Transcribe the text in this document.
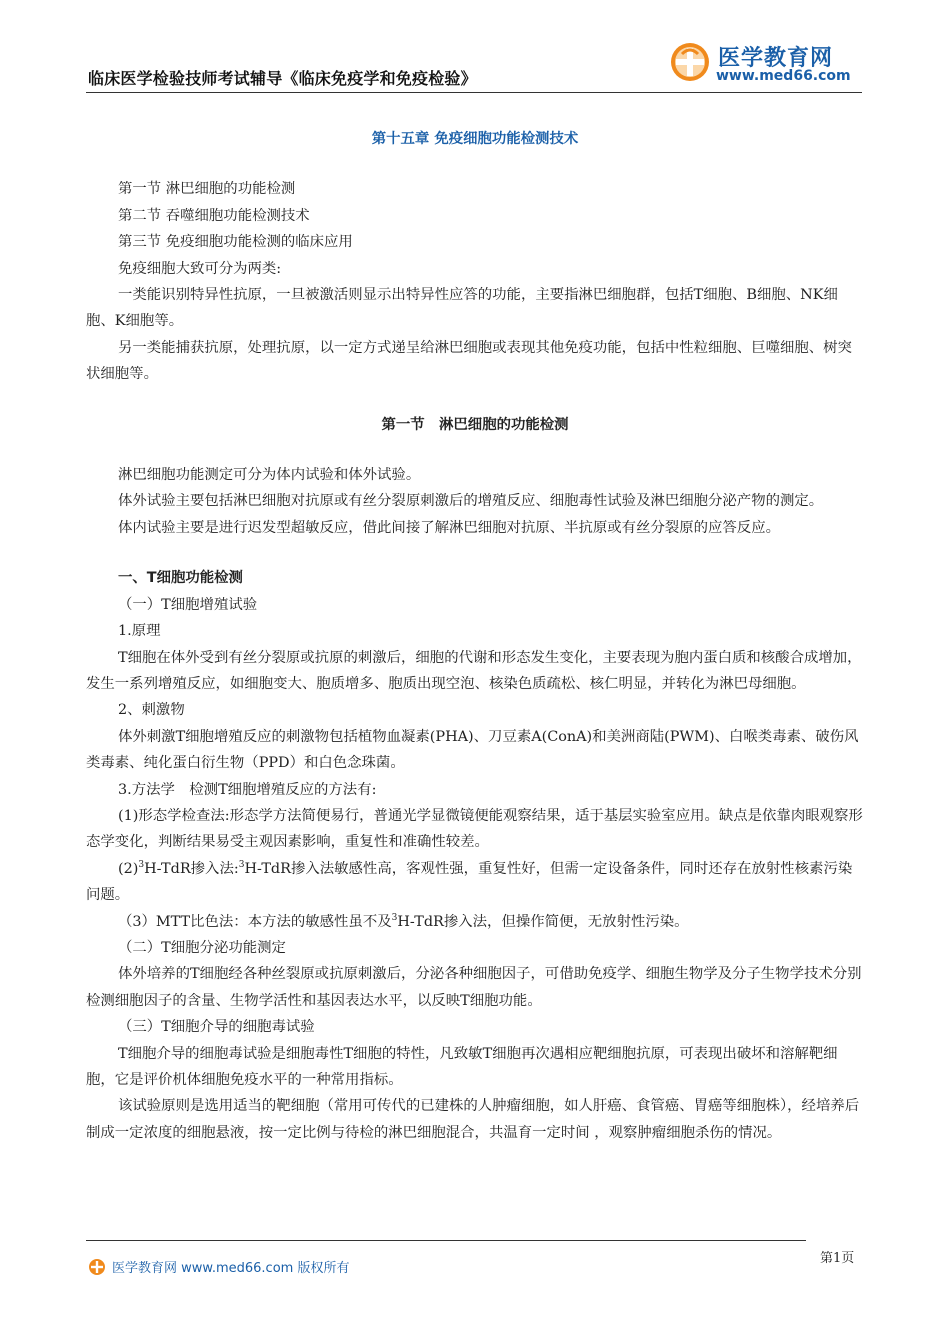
临床医学检验技师考试辅导《临床免疫学和免疫检验》
医学教育网
www.med66.com
第十五章 免疫细胞功能检测技术

第一节 淋巴细胞的功能检测

第二节 吞噬细胞功能检测技术

第三节 免疫细胞功能检测的临床应用

免疫细胞大致可分为两类:

一类能识别特异性抗原，一旦被激活则显示出特异性应答的功能，主要指淋巴细胞群，包括T细胞、B细胞、NK细胞、K细胞等。

另一类能捕获抗原，处理抗原，以一定方式递呈给淋巴细胞或表现其他免疫功能，包括中性粒细胞、巨噬细胞、树突状细胞等。

第一节　淋巴细胞的功能检测

淋巴细胞功能测定可分为体内试验和体外试验。

体外试验主要包括淋巴细胞对抗原或有丝分裂原刺激后的增殖反应、细胞毒性试验及淋巴细胞分泌产物的测定。

体内试验主要是进行迟发型超敏反应，借此间接了解淋巴细胞对抗原、半抗原或有丝分裂原的应答反应。

一、T细胞功能检测

（一）T细胞增殖试验

1.原理

T细胞在体外受到有丝分裂原或抗原的刺激后，细胞的代谢和形态发生变化，主要表现为胞内蛋白质和核酸合成增加，发生一系列增殖反应，如细胞变大、胞质增多、胞质出现空泡、核染色质疏松、核仁明显，并转化为淋巴母细胞。

2、刺激物

体外刺激T细胞增殖反应的刺激物包括植物血凝素(PHA)、刀豆素A(ConA)和美洲商陆(PWM)、白喉类毒素、破伤风类毒素、纯化蛋白衍生物（PPD）和白色念珠菌。

3.方法学　检测T细胞增殖反应的方法有:

(1)形态学检查法:形态学方法简便易行，普通光学显微镜便能观察结果，适于基层实验室应用。缺点是依靠肉眼观察形态学变化，判断结果易受主观因素影响，重复性和准确性较差。

$(2)^3H$-TdR掺入法:$^3$H-TdR掺入法敏感性高，客观性强，重复性好，但需一定设备条件，同时还存在放射性核素污染问题。

（3）MTT比色法：本方法的敏感性虽不及$^3$H-TdR掺入法，但操作简便，无放射性污染。

（二）T细胞分泌功能测定

体外培养的T细胞经各种丝裂原或抗原刺激后，分泌各种细胞因子，可借助免疫学、细胞生物学及分子生物学技术分别检测细胞因子的含量、生物学活性和基因表达水平，以反映T细胞功能。

（三）T细胞介导的细胞毒试验

T细胞介导的细胞毒试验是细胞毒性T细胞的特性，凡致敏T细胞再次遇相应靶细胞抗原，可表现出破坏和溶解靶细胞，它是评价机体细胞免疫水平的一种常用指标。

该试验原则是选用适当的靶细胞（常用可传代的已建株的人肿瘤细胞，如人肝癌、食管癌、胃癌等细胞株），经培养后制成一定浓度的细胞悬液，按一定比例与待检的淋巴细胞混合，共温育一定时间 ，观察肿瘤细胞杀伤的情况。

医学教育网 www.med66.com 版权所有
第1页
